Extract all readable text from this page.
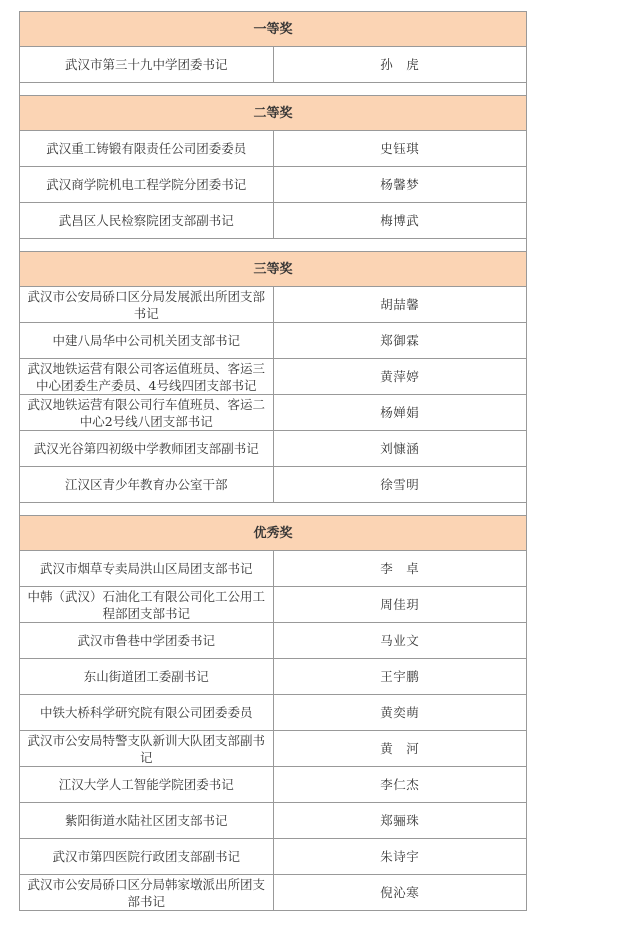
一等奖	
武汉市第三十九中学团委书记	孙　虎

二等奖	
武汉重工铸锻有限责任公司团委委员	史钰琪
武汉商学院机电工程学院分团委书记	杨馨梦
武昌区人民检察院团支部副书记	梅博武

三等奖	
武汉市公安局硚口区分局发展派出所团支部书记	胡喆馨
中建八局华中公司机关团支部书记	郑御霖
武汉地铁运营有限公司客运值班员、客运三中心团委生产委员、4号线四团支部书记	黄萍婷
武汉地铁运营有限公司行车值班员、客运二中心2号线八团支部书记	杨婵娟
武汉光谷第四初级中学教师团支部副书记	刘慷涵
江汉区青少年教育办公室干部	徐雪明

优秀奖	
武汉市烟草专卖局洪山区局团支部书记	李　卓
中韩（武汉）石油化工有限公司化工公用工程部团支部书记	周佳玥
武汉市鲁巷中学团委书记	马业文
东山街道团工委副书记	王宇鹏
中铁大桥科学研究院有限公司团委委员	黄奕萌
武汉市公安局特警支队新训大队团支部副书记	黄　河
江汉大学人工智能学院团委书记	李仁杰
紫阳街道水陆社区团支部书记	郑骊珠
武汉市第四医院行政团支部副书记	朱诗宇
武汉市公安局硚口区分局韩家墩派出所团支部书记	倪沁寒
